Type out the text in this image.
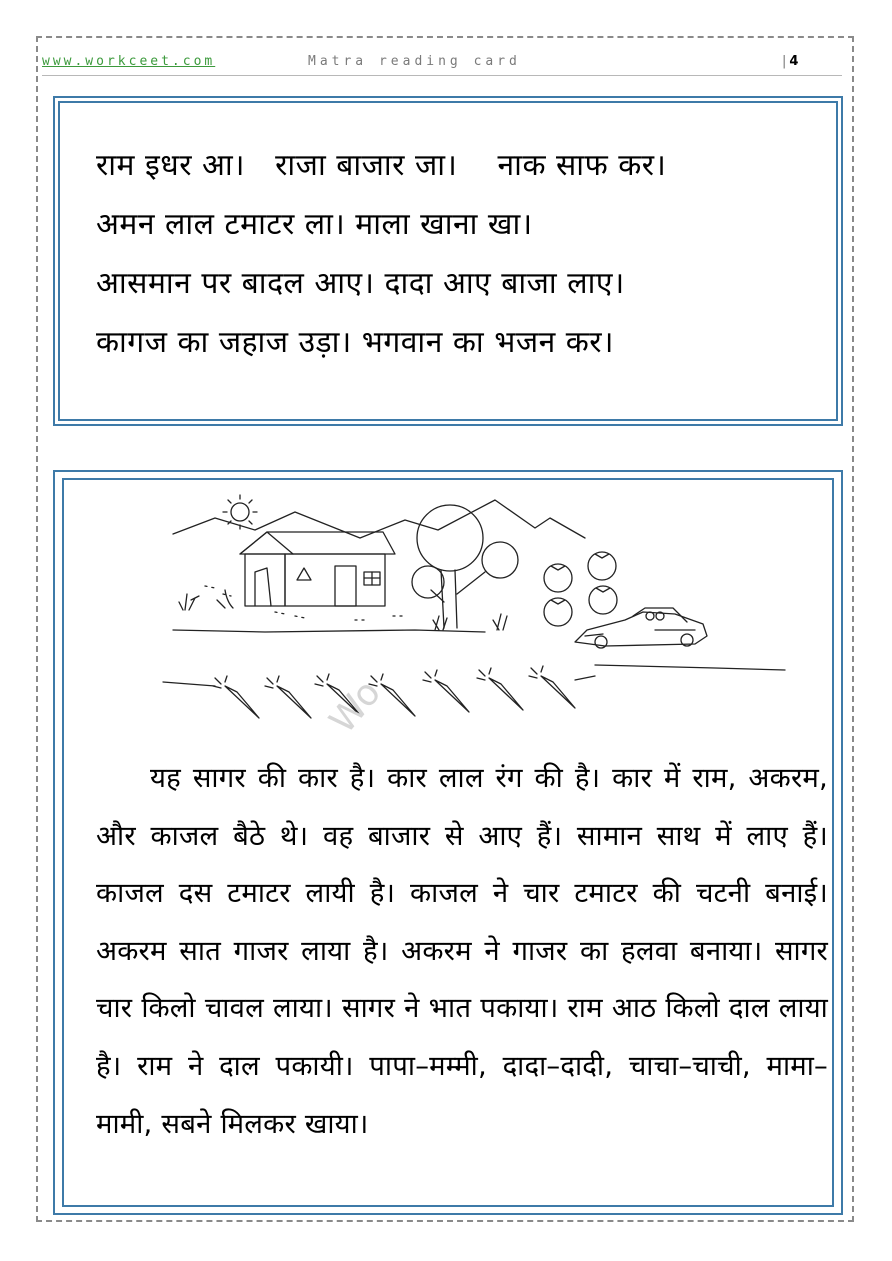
www.workceet.com	Matra reading card
|	4
राम इधर आ।   राजा बाजार जा।    नाक साफ कर।
अमन लाल टमाटर ला। माला खाना खा।
आसमान पर बादल आए। दादा आए बाजा लाए।
कागज का जहाज उड़ा। भगवान का भजन कर।
Wo

यह सागर की कार है। कार लाल रंग की है। कार में राम, अकरम, और काजल बैठे थे। वह बाजार से आए हैं। सामान साथ में लाए हैं। काजल दस टमाटर लायी है। काजल ने चार टमाटर की चटनी बनाई। अकरम सात गाजर लाया है। अकरम ने गाजर का हलवा बनाया। सागर चार किलो चावल लाया। सागर ने भात पकाया। राम आठ किलो दाल लाया है। राम ने दाल पकायी। पापा–मम्मी, दादा–दादी, चाचा–चाची, मामा–मामी, सबने मिलकर खाया।
